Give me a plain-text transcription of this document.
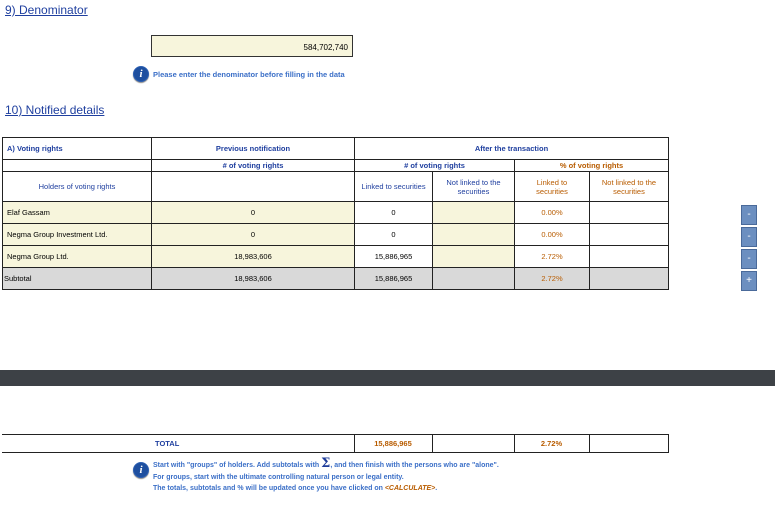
9) Denominator
584,702,740
i	Please enter the denominator before filling in the data
10) Notified details
A) Voting rights	Previous notification	After the transaction			
	# of voting rights	# of voting rights		% of voting rights	
Holders of voting rights		Linked to securities	Not linked to the securities	Linked to securities	Not linked to the securities
Elaf Gassam	0	0		0.00%	
Negma Group Investment Ltd.	0	0		0.00%	
Negma Group Ltd.	18,983,606	15,886,965		2.72%	
Subtotal	18,983,606	15,886,965		2.72%	
-
-
-
+
	TOTAL	15,886,965		2.72%	
i	Start with "groups" of holders. Add subtotals with Σ, and then finish with the persons who are "alone".
For groups, start with the ultimate controlling natural person or legal entity.
The totals, subtotals and % will be updated once you have clicked on <CALCULATE>.
